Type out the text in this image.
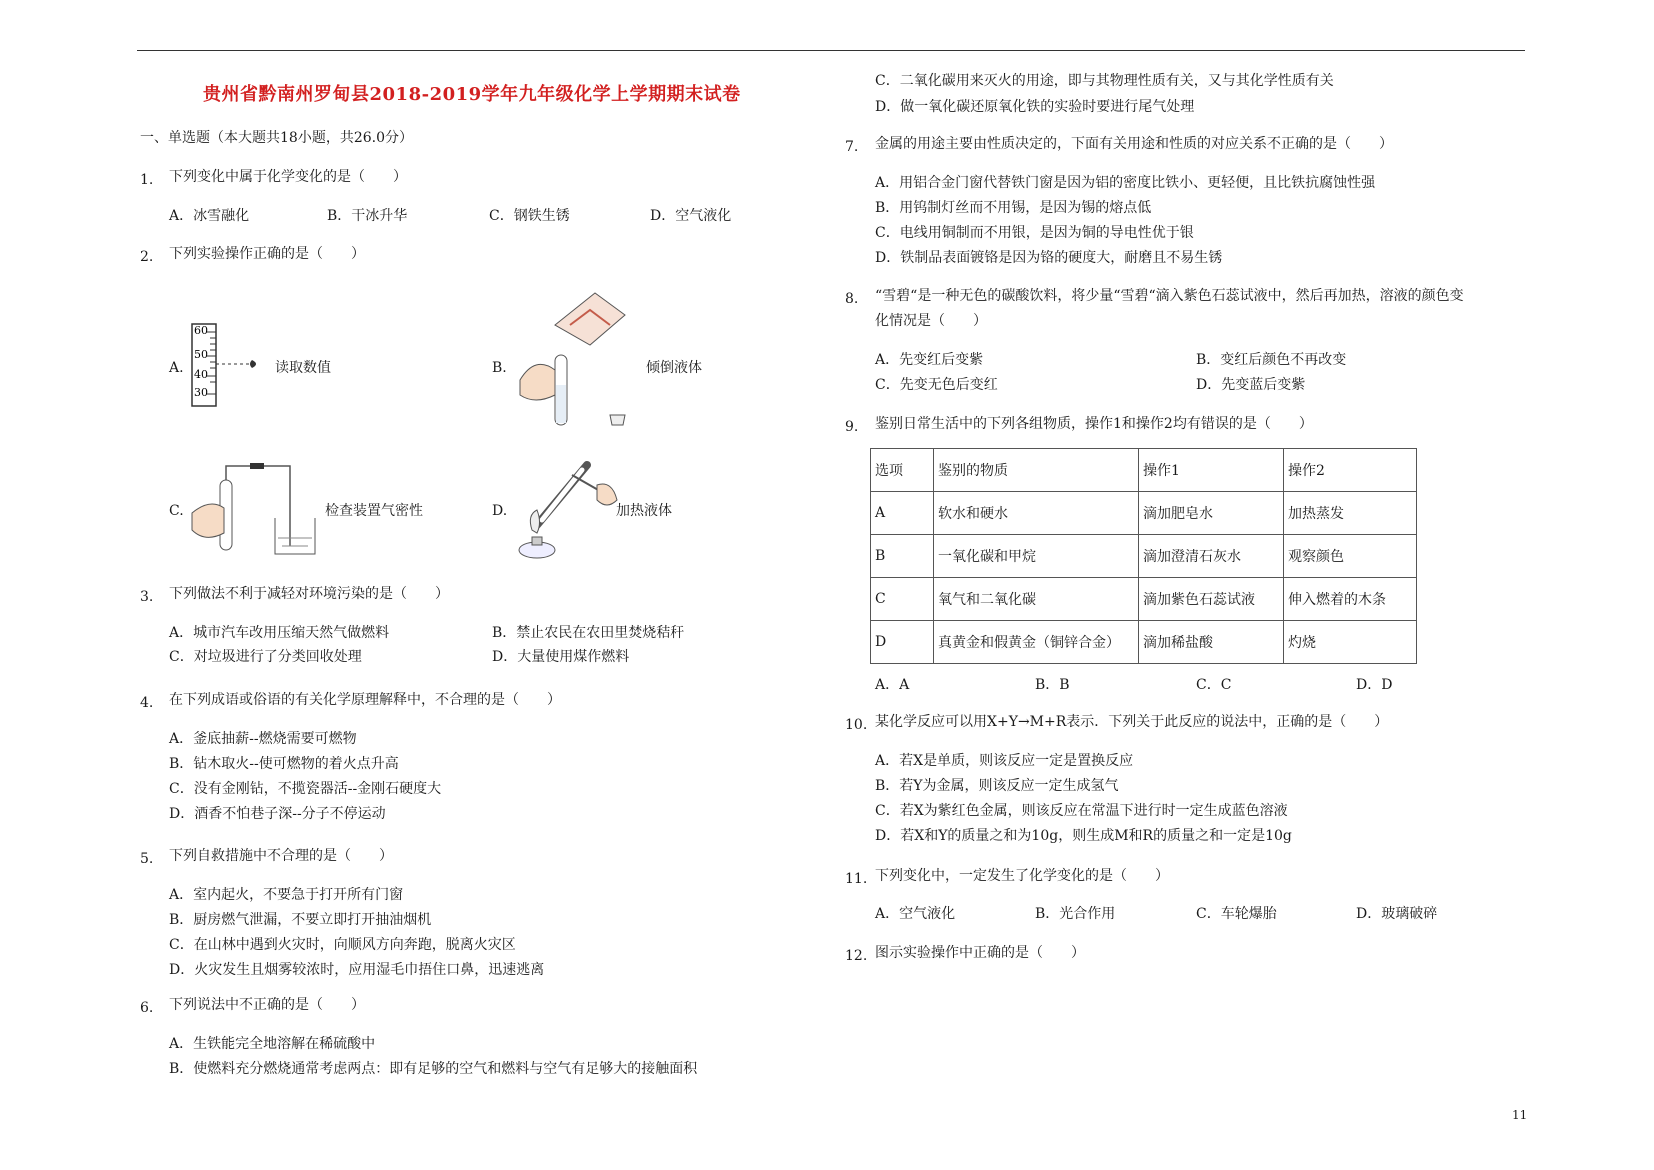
贵州省黔南州罗甸县2018-2019学年九年级化学上学期期末试卷
一、单选题（本大题共18小题，共26.0分）
1. 下列变化中属于化学变化的是（　　）
A．冰雪融化	B．干冰升华	C．钢铁生锈	D．空气液化
2. 下列实验操作正确的是（　　）
A.
60
50
40
30
读取数值	B.	倾倒液体
C.	检查装置气密性	D.	加热液体
3. 下列做法不利于减轻对环境污染的是（　　）
A．城市汽车改用压缩天然气做燃料	B．禁止农民在农田里焚烧秸秆
C．对垃圾进行了分类回收处理	D．大量使用煤作燃料
4. 在下列成语或俗语的有关化学原理解释中，不合理的是（　　）
A．釜底抽薪--燃烧需要可燃物
B．钻木取火--使可燃物的着火点升高
C．没有金刚钻，不揽瓷器活--金刚石硬度大
D．酒香不怕巷子深--分子不停运动
5. 下列自救措施中不合理的是（　　）
A．室内起火，不要急于打开所有门窗
B．厨房燃气泄漏，不要立即打开抽油烟机
C．在山林中遇到火灾时，向顺风方向奔跑，脱离火灾区
D．火灾发生且烟雾较浓时，应用湿毛巾捂住口鼻，迅速逃离
6. 下列说法中不正确的是（　　）
A．生铁能完全地溶解在稀硫酸中
B．使燃料充分燃烧通常考虑两点：即有足够的空气和燃料与空气有足够大的接触面积
C．二氧化碳用来灭火的用途，即与其物理性质有关，又与其化学性质有关
D．做一氧化碳还原氧化铁的实验时要进行尾气处理
7. 金属的用途主要由性质决定的，下面有关用途和性质的对应关系不正确的是（　　）
A．用铝合金门窗代替铁门窗是因为铝的密度比铁小、更轻便，且比铁抗腐蚀性强
B．用钨制灯丝而不用锡，是因为锡的熔点低
C．电线用铜制而不用银，是因为铜的导电性优于银
D．铁制品表面镀铬是因为铬的硬度大，耐磨且不易生锈
8. “雪碧“是一种无色的碳酸饮料，将少量“雪碧“滴入紫色石蕊试液中，然后再加热，溶液的颜色变
化情况是（　　）
A．先变红后变紫	B．变红后颜色不再改变
C．先变无色后变红	D．先变蓝后变紫
9. 鉴别日常生活中的下列各组物质，操作1和操作2均有错误的是（　　）
选项	鉴别的物质	操作1	操作2
A	软水和硬水	滴加肥皂水	加热蒸发
B	一氧化碳和甲烷	滴加澄清石灰水	观察颜色
C	氧气和二氧化碳	滴加紫色石蕊试液	伸入燃着的木条
D	真黄金和假黄金（铜锌合金）	滴加稀盐酸	灼烧
A．A	B．B	C．C	D．D
10. 某化学反应可以用X+Y→M+R表示．下列关于此反应的说法中，正确的是（　　）
A．若X是单质，则该反应一定是置换反应
B．若Y为金属，则该反应一定生成氢气
C．若X为紫红色金属，则该反应在常温下进行时一定生成蓝色溶液
D．若X和Y的质量之和为10g，则生成M和R的质量之和一定是10g
11. 下列变化中，一定发生了化学变化的是（　　）
A．空气液化	B．光合作用	C．车轮爆胎	D．玻璃破碎
12. 图示实验操作中正确的是（　　）
11
